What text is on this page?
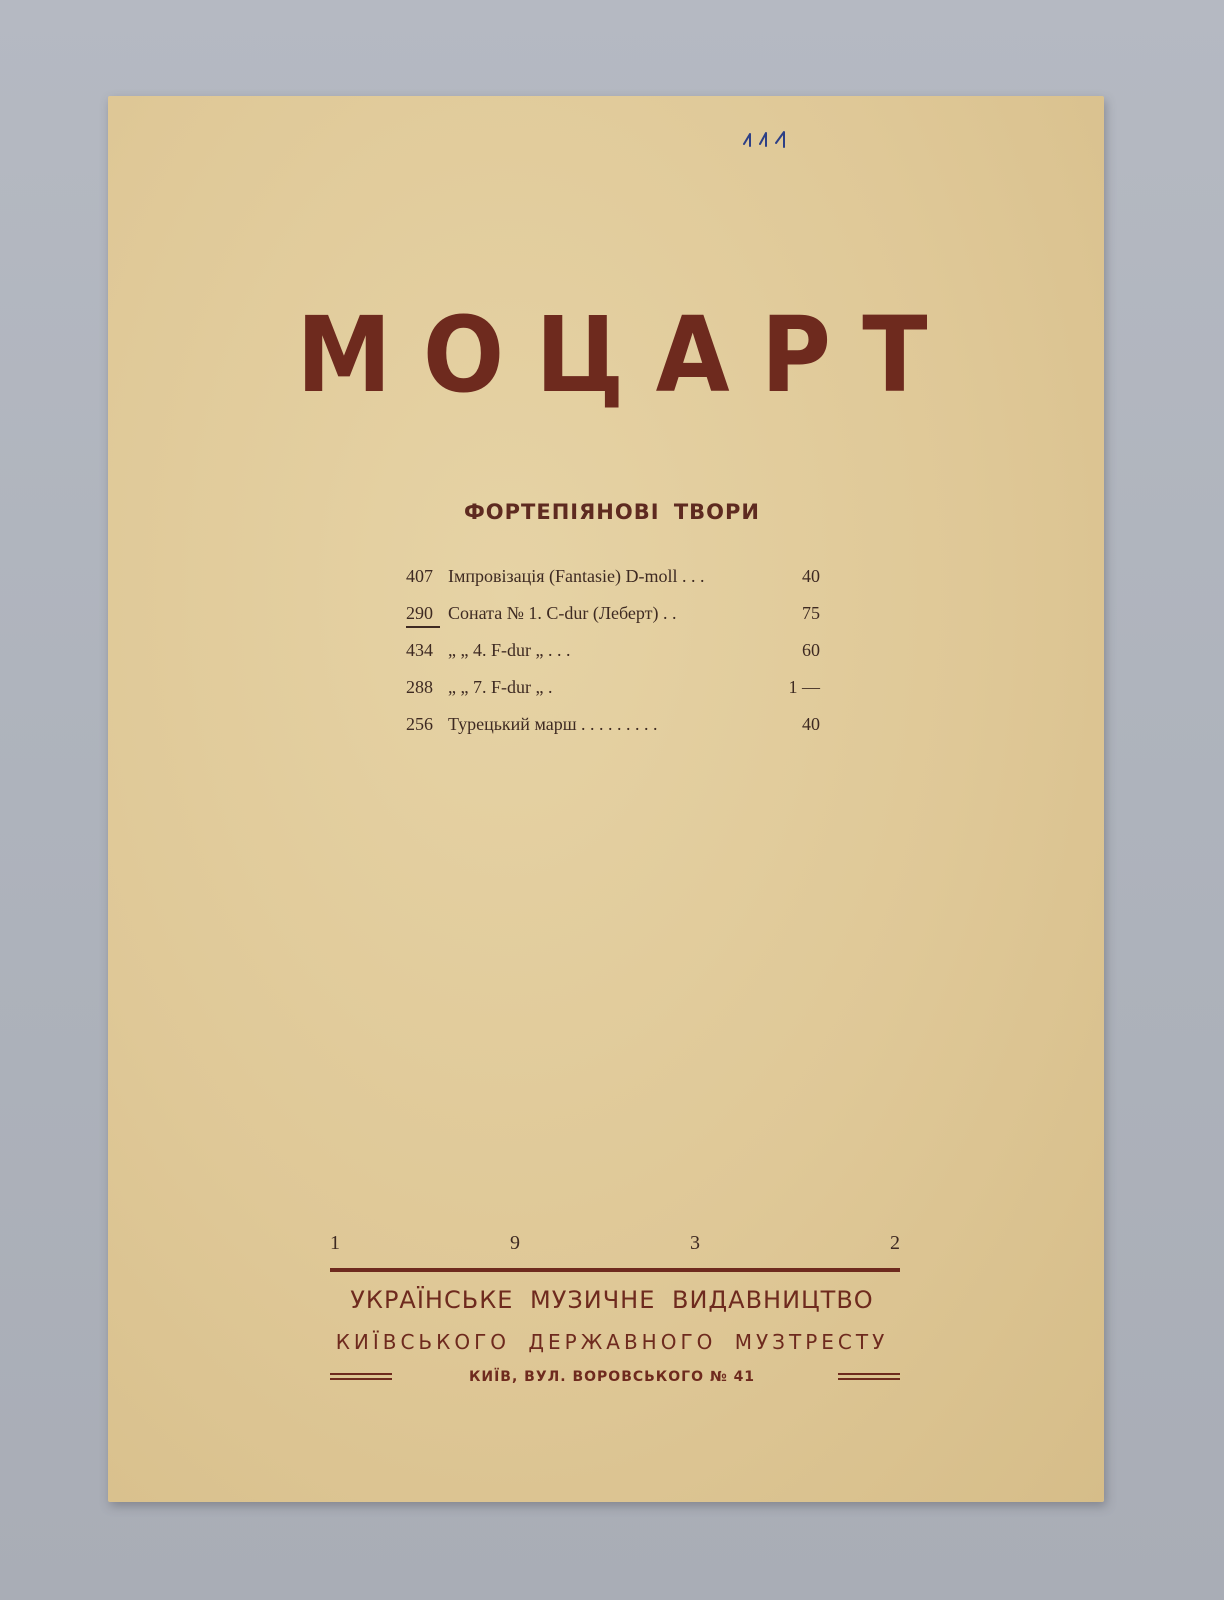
МОЦАРТ
ФОРТЕПІЯНОВІ ТВОРИ
407 Імпровізація (Fantasie) D-moll . . .	40
290 Соната № 1. C-dur (Леберт) . .	75
434 „ „ 4. F-dur „ . . .	60
288 „ „ 7. F-dur „ .	1 —
256 Турецький марш . . . . . . . . .	40
1	9	3	2
УКРАЇНСЬКЕ МУЗИЧНЕ ВИДАВНИЦТВО
КИЇВСЬКОГО ДЕРЖАВНОГО МУЗТРЕСТУ
КИЇВ, ВУЛ. ВОРОВСЬКОГО № 41
